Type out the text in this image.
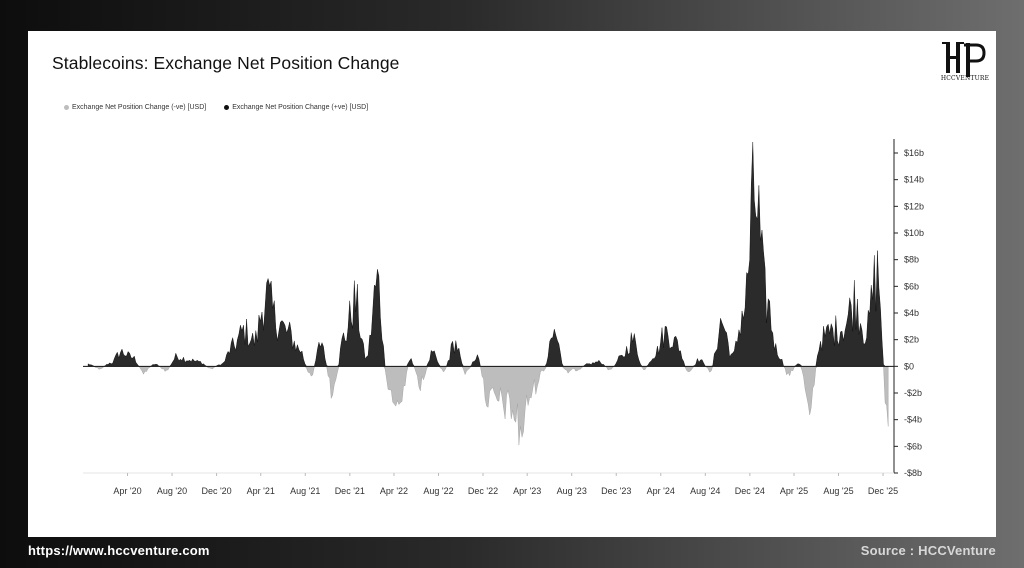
$16b
$14b
$12b
$10b
$8b
$6b
$4b
$2b
$0
-$2b
-$4b
-$6b
-$8b
Apr '20 Aug '20 Dec '20 Apr '21 Aug '21 Dec '21 Apr '22 Aug '22 Dec '22 Apr '23 Aug '23 Dec '23 Apr '24 Aug '24 Dec '24 Apr '25 Aug '25 Dec '25
Stablecoins: Exchange Net Position Change
Exchange Net Position Change (-ve) [USD]
	Exchange Net Position Change (+ve) [USD]
HCCVENTURE
https://www.hccventure.com	Source : HCCVenture
